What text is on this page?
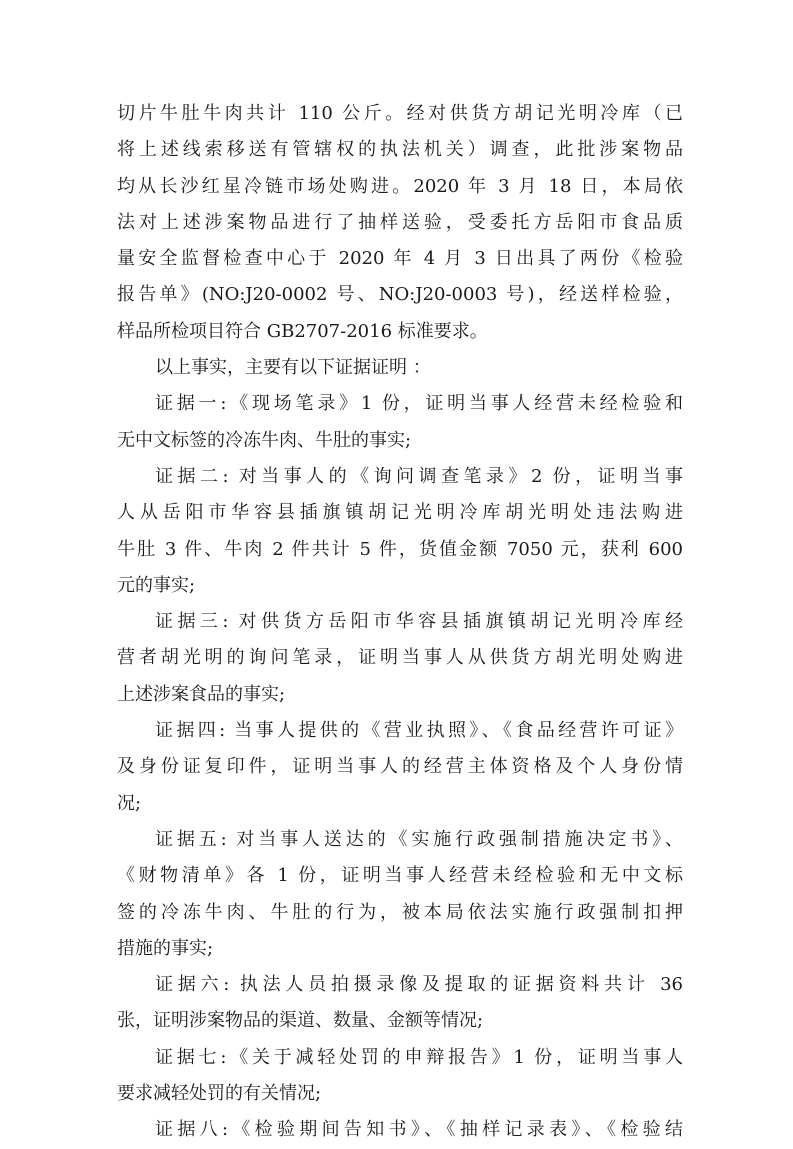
切片牛肚牛肉共计 110 公斤。经对供货方胡记光明冷库（已
将上述线索移送有管辖权的执法机关）调查，此批涉案物品
均从长沙红星冷链市场处购进。2020 年 3 月 18 日，本局依
法对上述涉案物品进行了抽样送验，受委托方岳阳市食品质
量安全监督检查中心于 2020 年 4 月 3 日出具了两份《检验
报告单》(NO:J20-0002 号、NO:J20-0003 号)，经送样检验，
样品所检项目符合 GB2707-2016 标准要求。
以上事实，主要有以下证据证明 ：
证据一:《现场笔录》1 份，证明当事人经营未经检验和
无中文标签的冷冻牛肉、牛肚的事实;
证据二: 对当事人的《询问调查笔录》2 份，证明当事
人从岳阳市华容县插旗镇胡记光明冷库胡光明处违法购进
牛肚 3 件、牛肉 2 件共计 5 件，货值金额 7050 元，获利 600
元的事实;
证据三: 对供货方岳阳市华容县插旗镇胡记光明冷库经
营者胡光明的询问笔录，证明当事人从供货方胡光明处购进
上述涉案食品的事实;
证据四: 当事人提供的《营业执照》、《食品经营许可证》
及身份证复印件，证明当事人的经营主体资格及个人身份情
况;
证据五: 对当事人送达的《实施行政强制措施决定书》、
《财物清单》各 1 份，证明当事人经营未经检验和无中文标
签的冷冻牛肉、牛肚的行为，被本局依法实施行政强制扣押
措施的事实;
证据六: 执法人员拍摄录像及提取的证据资料共计 36
张，证明涉案物品的渠道、数量、金额等情况;
证据七:《关于减轻处罚的申辩报告》1 份，证明当事人
要求减轻处罚的有关情况;
证据八:《检验期间告知书》、《抽样记录表》、《检验结
